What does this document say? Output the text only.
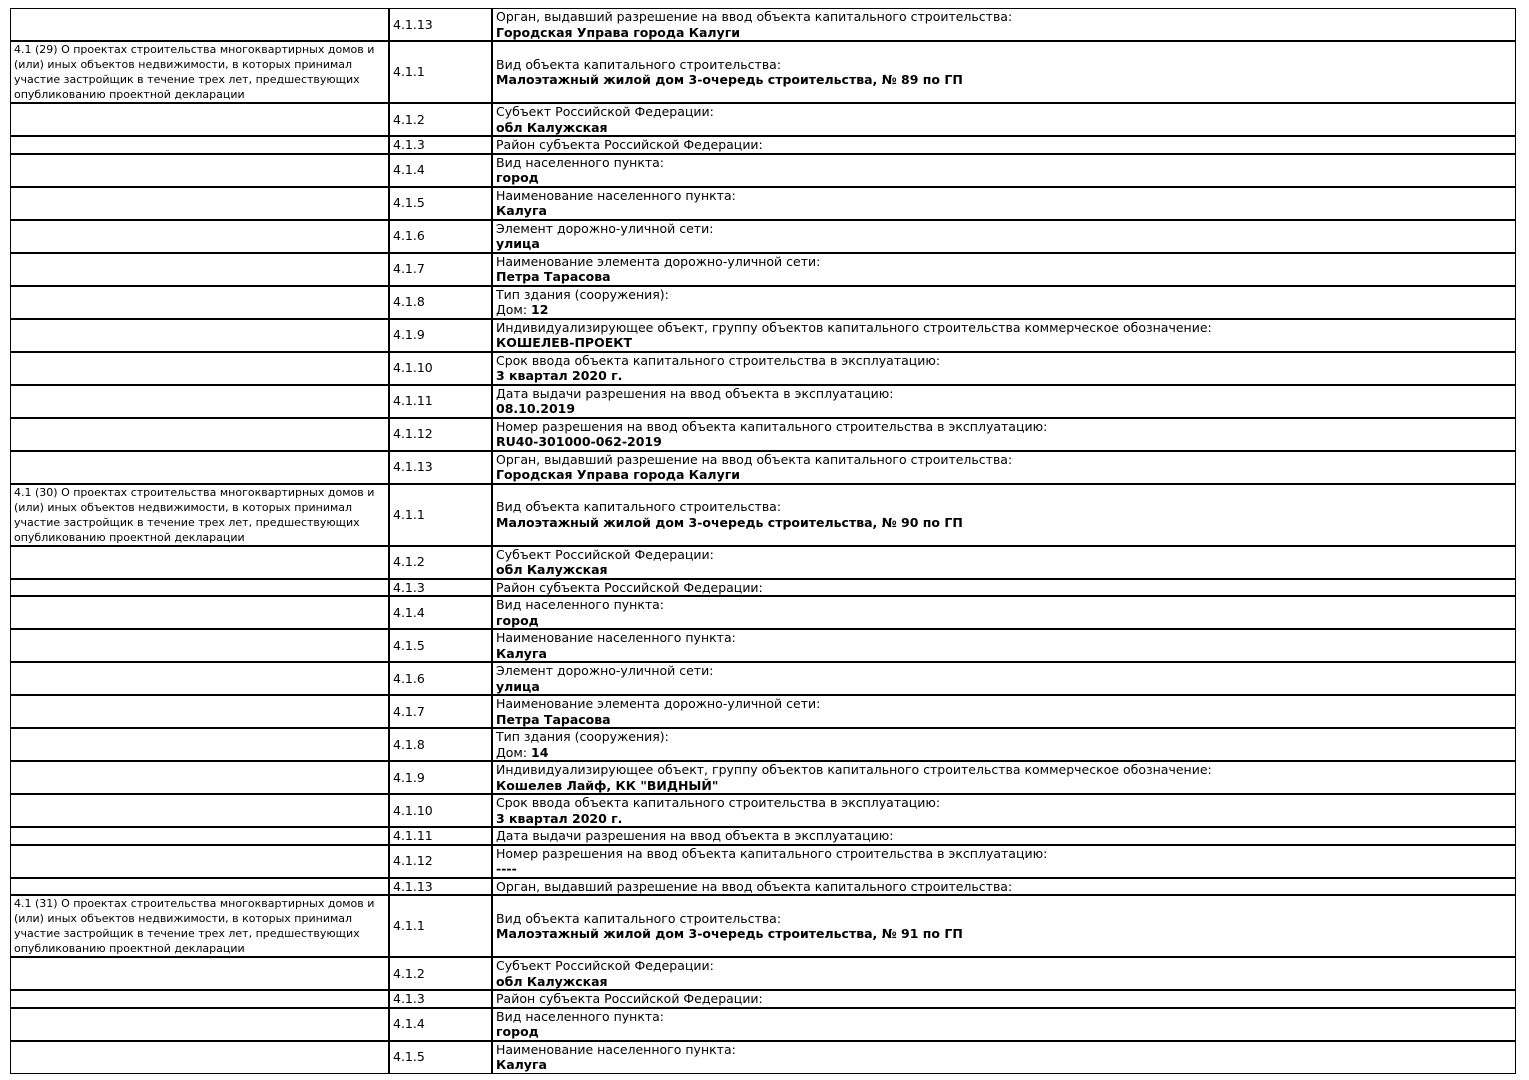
	4.1.13	Орган, выдавший разрешение на ввод объекта капитального строительства:
Городская Управа города Калуги

4.1 (29) О проектах строительства многоквартирных домов и (или) иных объектов недвижимости, в которых принимал участие застройщик в течение трех лет, предшествующих опубликованию проектной декларации	4.1.1	Вид объекта капитального строительства:
Малоэтажный жилой дом 3-очередь строительства, № 89 по ГП

	4.1.2	Субъект Российской Федерации:
обл Калужская

	4.1.3	Район субъекта Российской Федерации:

	4.1.4	Вид населенного пункта:
город

	4.1.5	Наименование населенного пункта:
Калуга

	4.1.6	Элемент дорожно-уличной сети:
улица

	4.1.7	Наименование элемента дорожно-уличной сети:
Петра Тарасова

	4.1.8	Тип здания (сооружения):
Дом: 12

	4.1.9	Индивидуализирующее объект, группу объектов капитального строительства коммерческое обозначение:
КОШЕЛЕВ-ПРОЕКТ

	4.1.10	Срок ввода объекта капитального строительства в эксплуатацию:
3 квартал 2020 г.

	4.1.11	Дата выдачи разрешения на ввод объекта в эксплуатацию:
08.10.2019

	4.1.12	Номер разрешения на ввод объекта капитального строительства в эксплуатацию:
RU40-301000-062-2019

	4.1.13	Орган, выдавший разрешение на ввод объекта капитального строительства:
Городская Управа города Калуги

4.1 (30) О проектах строительства многоквартирных домов и (или) иных объектов недвижимости, в которых принимал участие застройщик в течение трех лет, предшествующих опубликованию проектной декларации	4.1.1	Вид объекта капитального строительства:
Малоэтажный жилой дом 3-очередь строительства, № 90 по ГП

	4.1.2	Субъект Российской Федерации:
обл Калужская

	4.1.3	Район субъекта Российской Федерации:

	4.1.4	Вид населенного пункта:
город

	4.1.5	Наименование населенного пункта:
Калуга

	4.1.6	Элемент дорожно-уличной сети:
улица

	4.1.7	Наименование элемента дорожно-уличной сети:
Петра Тарасова

	4.1.8	Тип здания (сооружения):
Дом: 14

	4.1.9	Индивидуализирующее объект, группу объектов капитального строительства коммерческое обозначение:
Кошелев Лайф, КК "ВИДНЫЙ"

	4.1.10	Срок ввода объекта капитального строительства в эксплуатацию:
3 квартал 2020 г.

	4.1.11	Дата выдачи разрешения на ввод объекта в эксплуатацию:

	4.1.12	Номер разрешения на ввод объекта капитального строительства в эксплуатацию:
----

	4.1.13	Орган, выдавший разрешение на ввод объекта капитального строительства:

4.1 (31) О проектах строительства многоквартирных домов и (или) иных объектов недвижимости, в которых принимал участие застройщик в течение трех лет, предшествующих опубликованию проектной декларации	4.1.1	Вид объекта капитального строительства:
Малоэтажный жилой дом 3-очередь строительства, № 91 по ГП

	4.1.2	Субъект Российской Федерации:
обл Калужская

	4.1.3	Район субъекта Российской Федерации:

	4.1.4	Вид населенного пункта:
город

	4.1.5	Наименование населенного пункта:
Калуга
